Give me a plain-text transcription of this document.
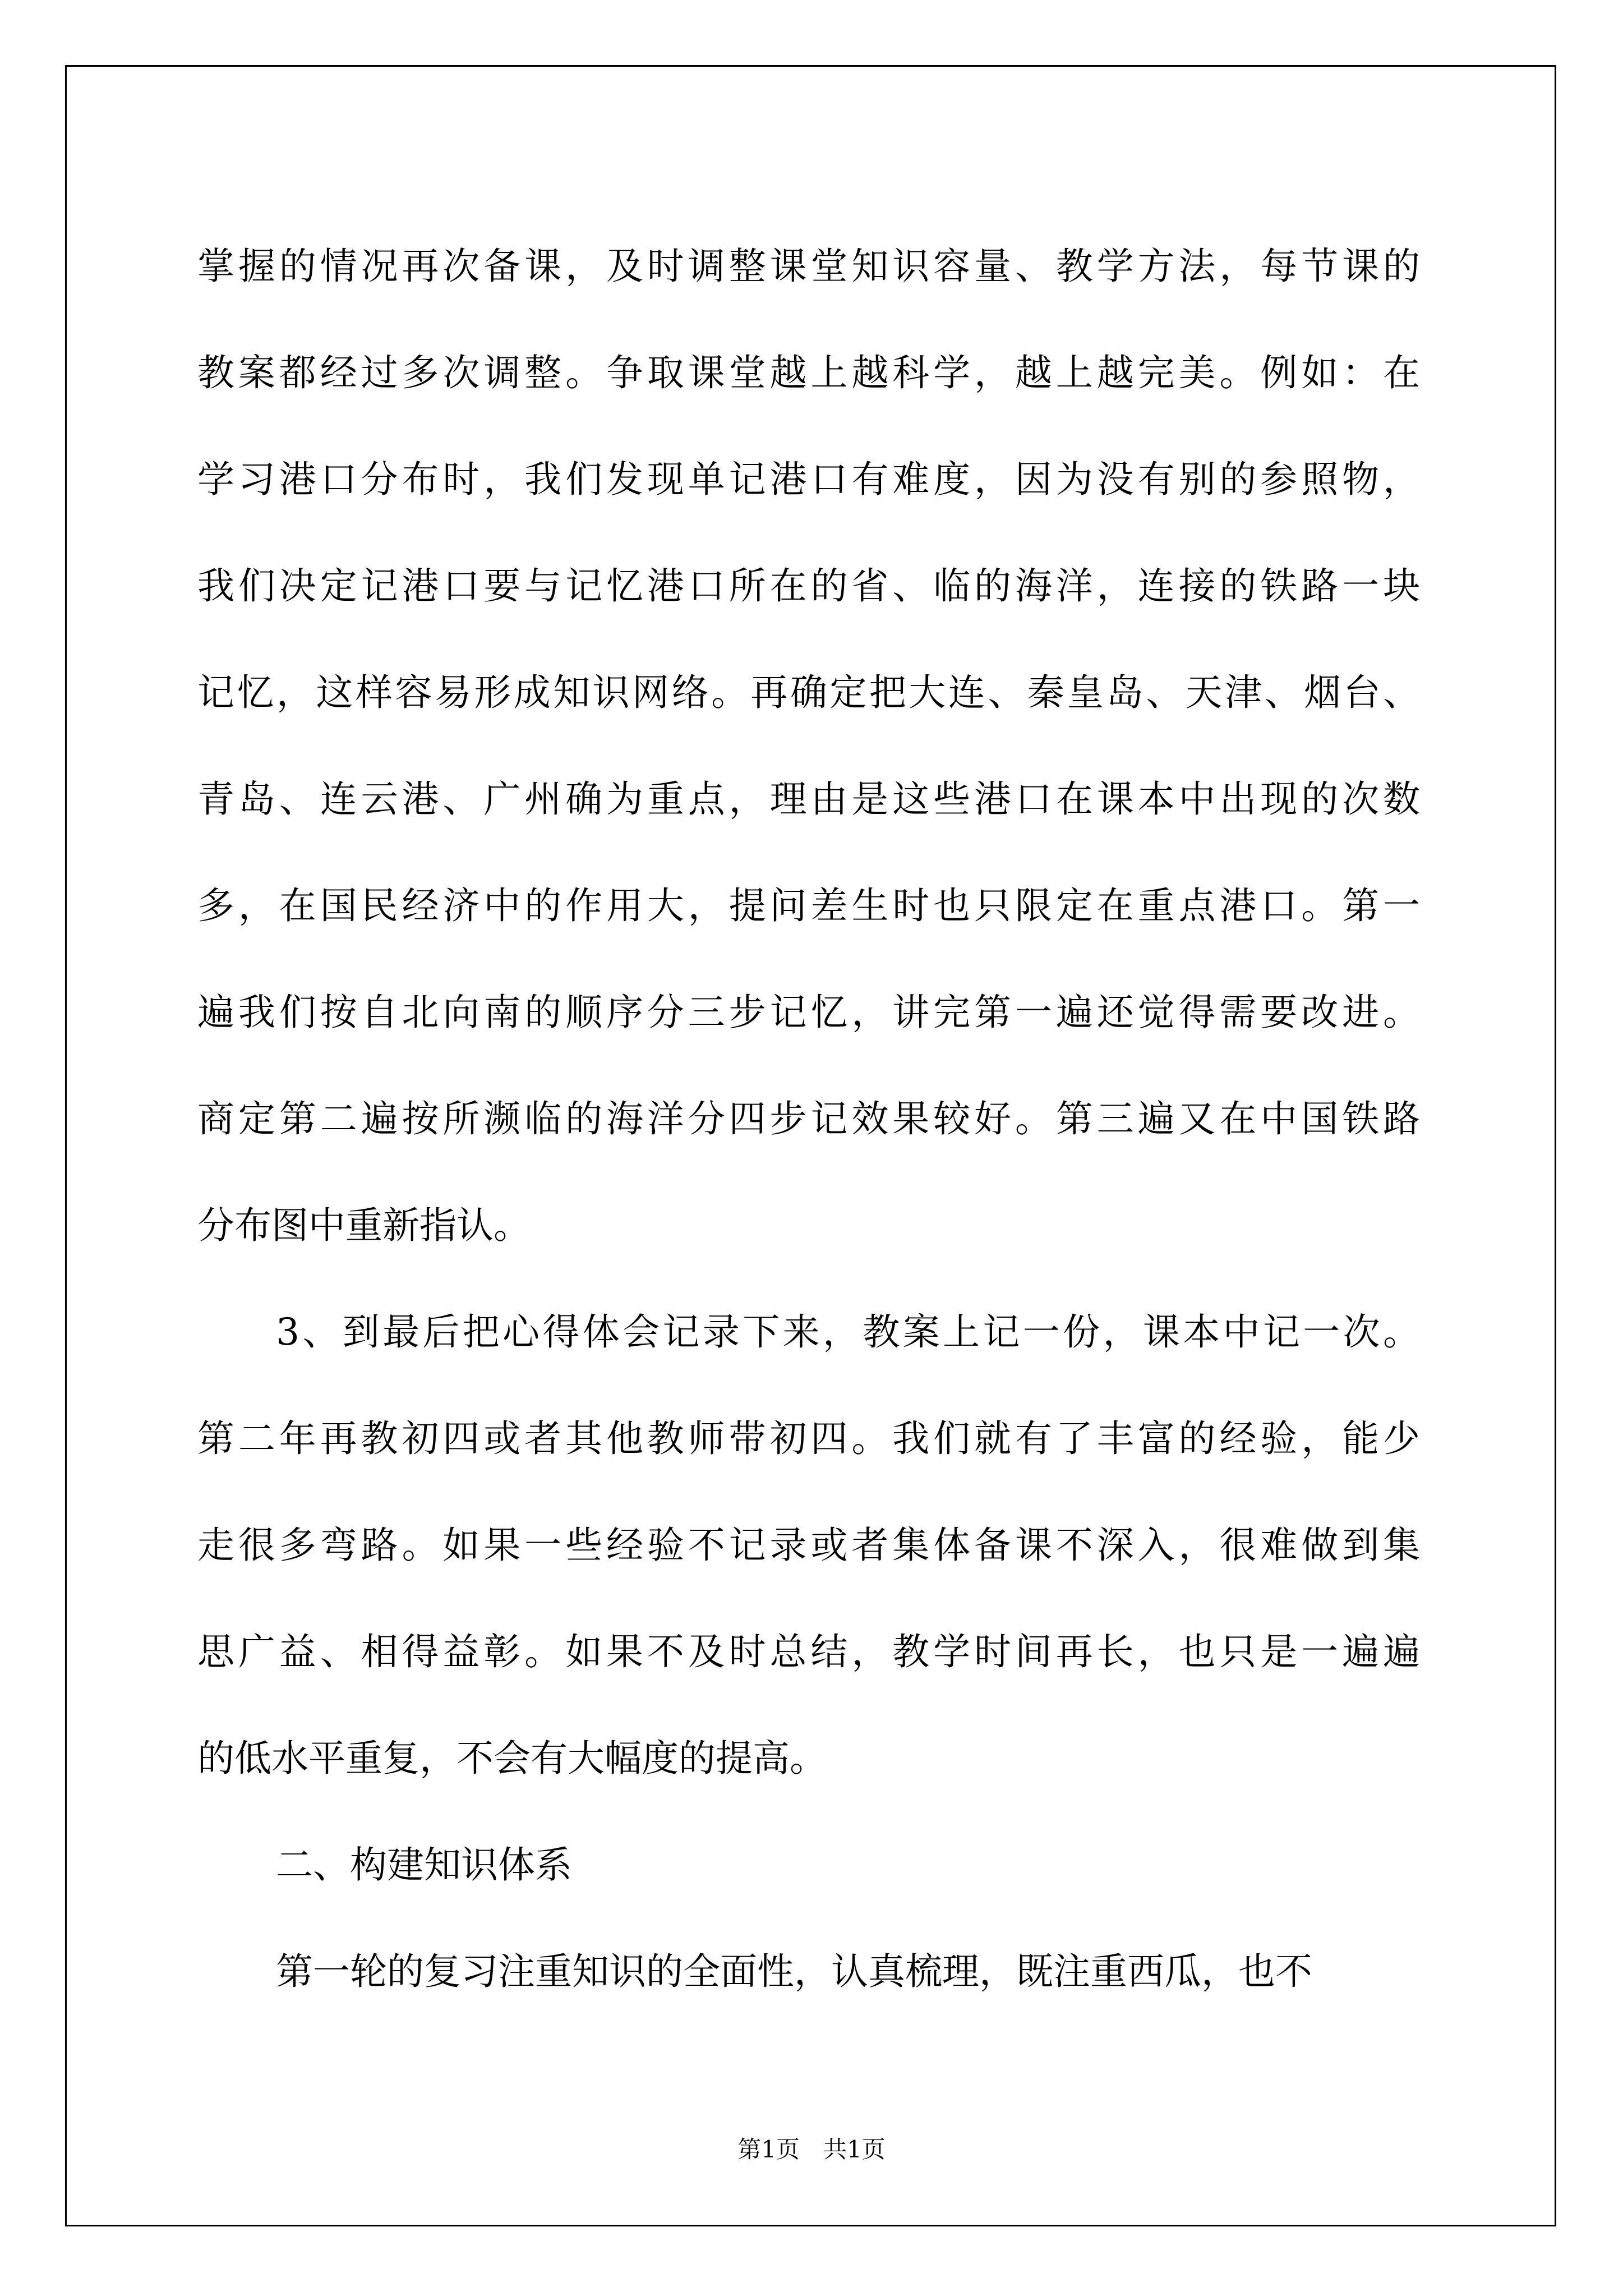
掌握的情况再次备课，及时调整课堂知识容量、教学方法，每节课的
教案都经过多次调整。争取课堂越上越科学，越上越完美。例如：在
学习港口分布时，我们发现单记港口有难度，因为没有别的参照物，
我们决定记港口要与记忆港口所在的省、临的海洋，连接的铁路一块
记忆，这样容易形成知识网络。再确定把大连、秦皇岛、天津、烟台、
青岛、连云港、广州确为重点，理由是这些港口在课本中出现的次数
多，在国民经济中的作用大，提问差生时也只限定在重点港口。第一
遍我们按自北向南的顺序分三步记忆，讲完第一遍还觉得需要改进。
商定第二遍按所濒临的海洋分四步记效果较好。第三遍又在中国铁路
分布图中重新指认。
3、到最后把心得体会记录下来，教案上记一份，课本中记一次。
第二年再教初四或者其他教师带初四。我们就有了丰富的经验，能少
走很多弯路。如果一些经验不记录或者集体备课不深入，很难做到集
思广益、相得益彰。如果不及时总结，教学时间再长，也只是一遍遍
的低水平重复，不会有大幅度的提高。
二、构建知识体系
第一轮的复习注重知识的全面性，认真梳理，既注重西瓜，也不
第1页　共1页
